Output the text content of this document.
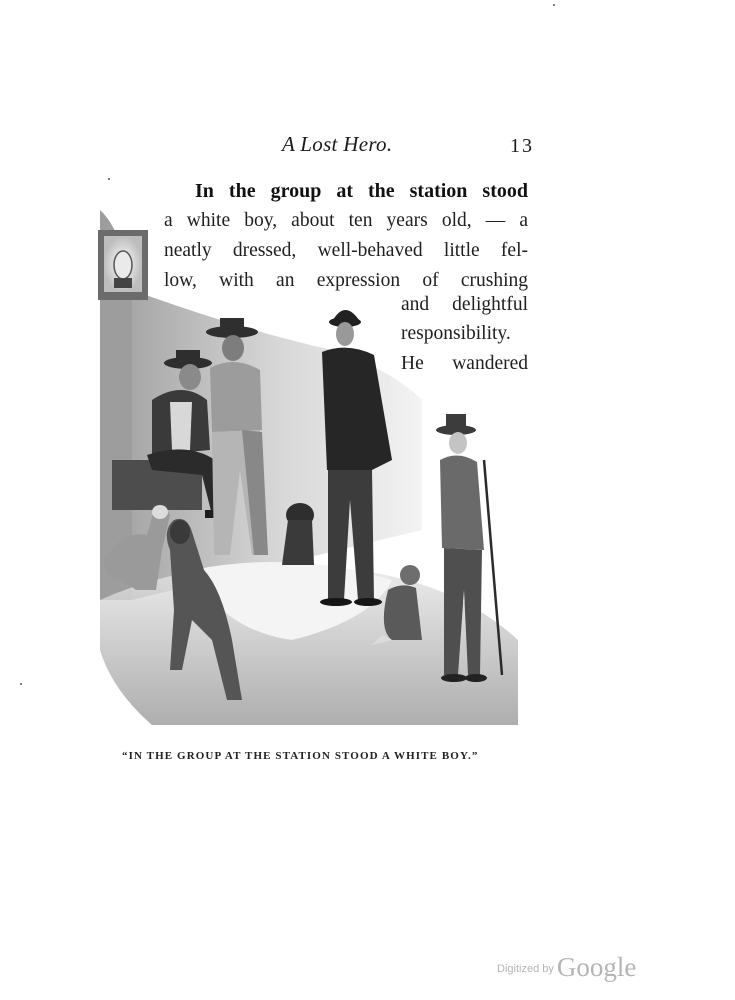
A Lost Hero.	13
In the group at the station stood
a white boy, about ten years old, — a
neatly dressed, well-behaved little fel-
low, with an expression of crushing
and delightful
responsibility.
He wandered
“IN THE GROUP AT THE STATION STOOD A WHITE BOY.”
$^{Digitized by}$ Google
